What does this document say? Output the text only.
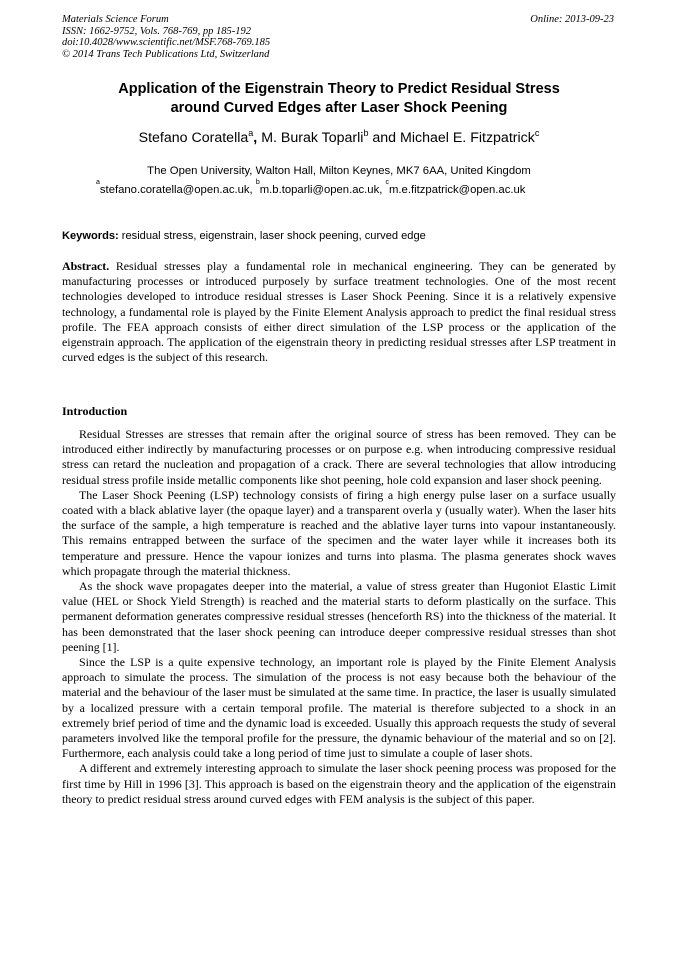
Materials Science Forum
ISSN: 1662-9752, Vols. 768-769, pp 185-192
doi:10.4028/www.scientific.net/MSF.768-769.185
© 2014 Trans Tech Publications Ltd, Switzerland
Online: 2013-09-23
Application of the Eigenstrain Theory to Predict Residual Stress
around Curved Edges after Laser Shock Peening
Stefano Coratella$^a$, M. Burak Toparli$^b$ and Michael E. Fitzpatrick$^c$
The Open University, Walton Hall, Milton Keynes, MK7 6AA, United Kingdom
$^a$stefano.coratella@open.ac.uk, $^b$m.b.toparli@open.ac.uk, $^c$m.e.fitzpatrick@open.ac.uk
Keywords: residual stress, eigenstrain, laser shock peening, curved edge
Abstract. Residual stresses play a fundamental role in mechanical engineering. They can be generated by manufacturing processes or introduced purposely by surface treatment technologies. One of the most recent technologies developed to introduce residual stresses is Laser Shock Peening. Since it is a relatively expensive technology, a fundamental role is played by the Finite Element Analysis approach to predict the final residual stress profile. The FEA approach consists of either direct simulation of the LSP process or the application of the eigenstrain approach. The application of the eigenstrain theory in predicting residual stresses after LSP treatment in curved edges is the subject of this research.
Introduction

Residual Stresses are stresses that remain after the original source of stress has been removed. They can be introduced either indirectly by manufacturing processes or on purpose e.g. when introducing compressive residual stress can retard the nucleation and propagation of a crack. There are several technologies that allow introducing residual stress profile inside metallic components like shot peening, hole cold expansion and laser shock peening.

The Laser Shock Peening (LSP) technology consists of firing a high energy pulse laser on a surface usually coated with a black ablative layer (the opaque layer) and a transparent overla y (usually water). When the laser hits the surface of the sample, a high temperature is reached and the ablative layer turns into vapour instantaneously. This remains entrapped between the surface of the specimen and the water layer while it increases both its temperature and pressure. Hence the vapour ionizes and turns into plasma. The plasma generates shock waves which propagate through the material thickness.

As the shock wave propagates deeper into the material, a value of stress greater than Hugoniot Elastic Limit value (HEL or Shock Yield Strength) is reached and the material starts to deform plastically on the surface. This permanent deformation generates compressive residual stresses (henceforth RS) into the thickness of the material. It has been demonstrated that the laser shock peening can introduce deeper compressive residual stresses than shot peening [1].

Since the LSP is a quite expensive technology, an important role is played by the Finite Element Analysis approach to simulate the process. The simulation of the process is not easy because both the behaviour of the material and the behaviour of the laser must be simulated at the same time. In practice, the laser is usually simulated by a localized pressure with a certain temporal profile. The material is therefore subjected to a shock in an extremely brief period of time and the dynamic load is exceeded. Usually this approach requests the study of several parameters involved like the temporal profile for the pressure, the dynamic behaviour of the material and so on [2]. Furthermore, each analysis could take a long period of time just to simulate a couple of laser shots.

A different and extremely interesting approach to simulate the laser shock peening process was proposed for the first time by Hill in 1996 [3]. This approach is based on the eigenstrain theory and the application of the eigenstrain theory to predict residual stress around curved edges with FEM analysis is the subject of this paper.
